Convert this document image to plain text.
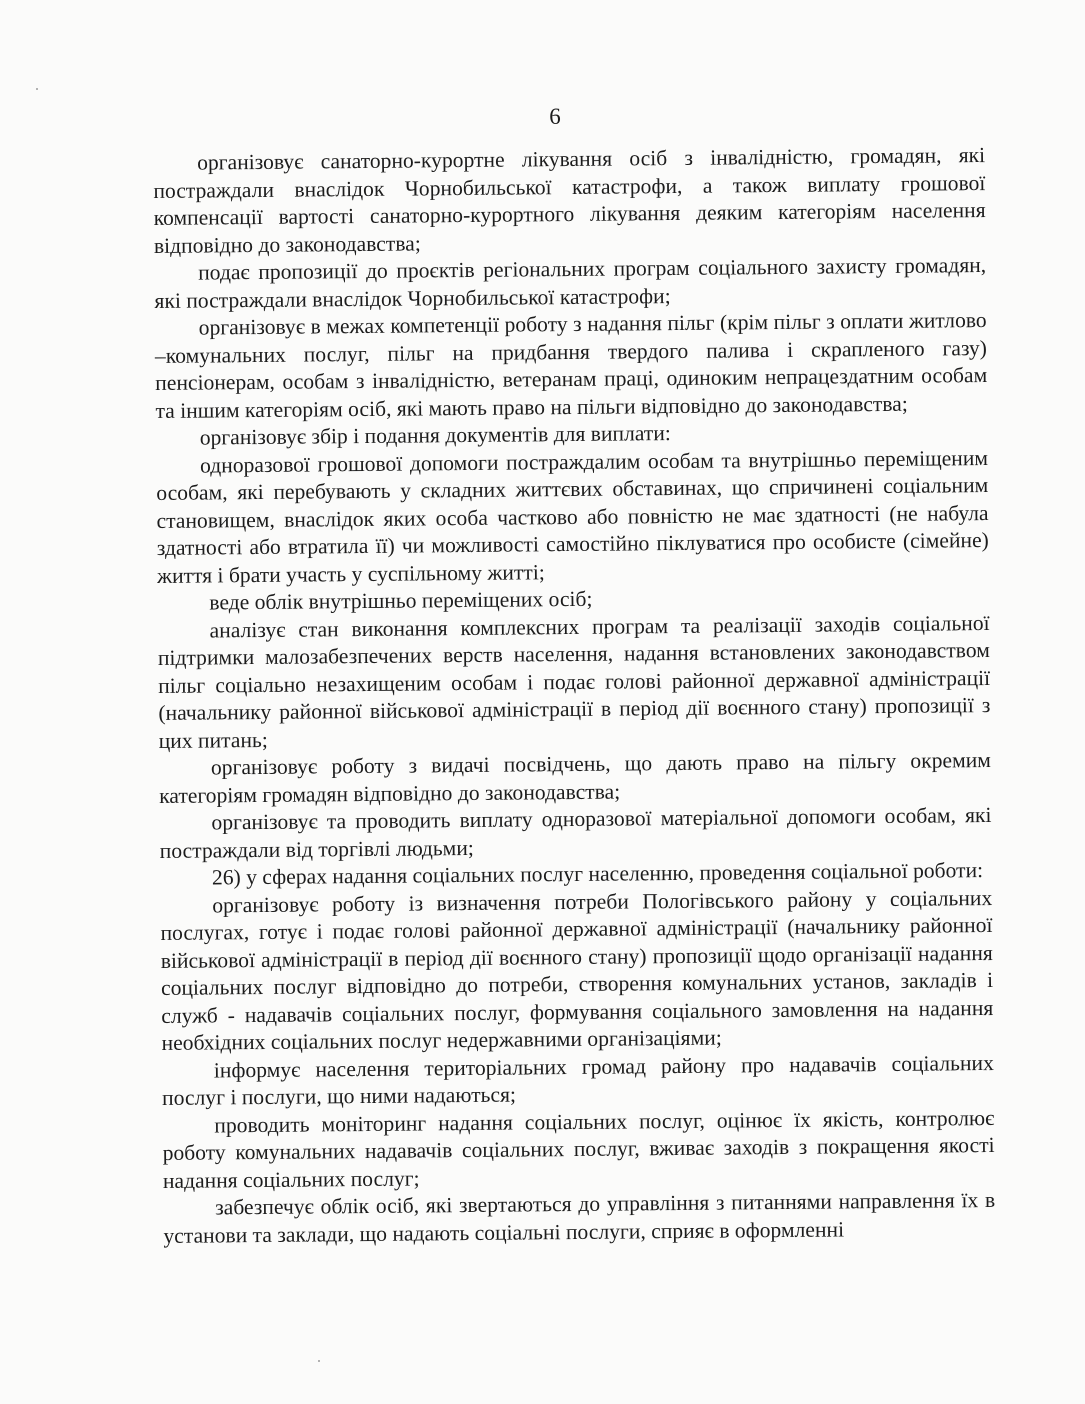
6

організовує санаторно-курортне лікування осіб з інвалідністю, громадян, які постраждали внаслідок Чорнобильської катастрофи, а також виплату грошової компенсації вартості санаторно-курортного лікування деяким категоріям населення відповідно до законодавства;

подає пропозиції до проєктів регіональних програм соціального захисту громадян, які постраждали внаслідок Чорнобильської катастрофи;

організовує в межах компетенції роботу з надання пільг (крім пільг з оплати житлово –комунальних послуг, пільг на придбання твердого палива і скрапленого газу) пенсіонерам, особам з інвалідністю, ветеранам праці, одиноким непрацездатним особам та іншим категоріям осіб, які мають право на пільги відповідно до законодавства;

організовує збір і подання документів для виплати:

одноразової грошової допомоги постраждалим особам та внутрішньо переміщеним особам, які перебувають у складних життєвих обставинах, що спричинені соціальним становищем, внаслідок яких особа частково або повністю не має здатності (не набула здатності або втратила її) чи можливості самостійно піклуватися про особисте (сімейне) життя і брати участь у суспільному житті;

веде облік внутрішньо переміщених осіб;

аналізує стан виконання комплексних програм та реалізації заходів соціальної підтримки малозабезпечених верств населення, надання встановлених законодавством пільг соціально незахищеним особам і подає голові районної державної адміністрації (начальнику районної військової адміністрації в період дії воєнного стану) пропозиції з цих питань;

організовує роботу з видачі посвідчень, що дають право на пільгу окремим категоріям громадян відповідно до законодавства;

організовує та проводить виплату одноразової матеріальної допомоги особам, які постраждали від торгівлі людьми;

26) у сферах надання соціальних послуг населенню, проведення соціальної роботи:

організовує роботу із визначення потреби Пологівського району у соціальних послугах, готує і подає голові районної державної адміністрації (начальнику районної військової адміністрації в період дії воєнного стану) пропозиції щодо організації надання соціальних послуг відповідно до потреби, створення комунальних установ, закладів і служб - надавачів соціальних послуг, формування соціального замовлення на надання необхідних соціальних послуг недержавними організаціями;

інформує населення територіальних громад району про надавачів соціальних послуг і послуги, що ними надаються;

проводить моніторинг надання соціальних послуг, оцінює їх якість, контролює роботу комунальних надавачів соціальних послуг, вживає заходів з покращення якості надання соціальних послуг;

забезпечує облік осіб, які звертаються до управління з питаннями направлення їх в установи та заклади, що надають соціальні послуги, сприяє в оформленні
